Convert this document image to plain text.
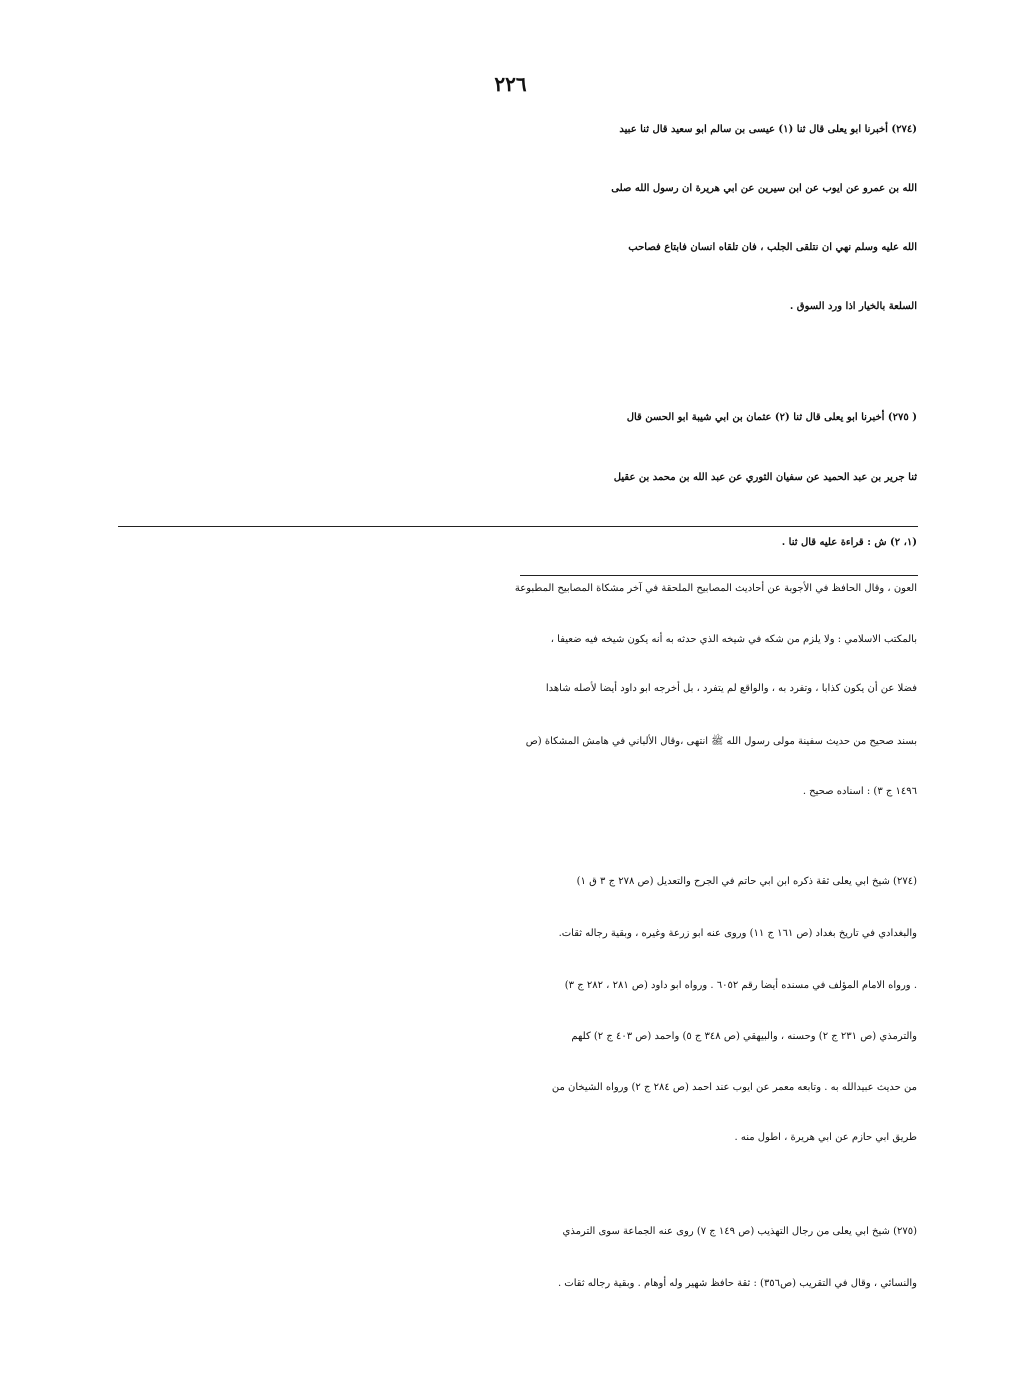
٢٢٦
(٢٧٤) أخبرنا ابو يعلى قال ثنا (١) عيسى بن سالم ابو سعيد قال ثنا عبيد
الله بن عمرو عن ايوب عن ابن سيرين عن ابي هريرة ان رسول الله صلى
الله عليه وسلم نهي ان نتلقى الجلب ، فان تلقاه انسان فابتاع فصاحب
السلعة بالخيار اذا ورد السوق .
( ٢٧٥) أخبرنا ابو يعلى قال ثنا (٢) عثمان بن ابي شيبة ابو الحسن قال
ثنا جرير بن عبد الحميد عن سفيان الثوري عن عبد الله بن محمد بن عقيل
(١، ٢) ش : قراءة عليه قال ثنا .
العون ، وقال الحافظ في الأجوبة عن أحاديث المصابيح الملحقة في آخر مشكاة المصابيح المطبوعة
بالمكتب الاسلامي : ولا يلزم من شكه في شيخه الذي حدثه به أنه يكون شيخه فيه ضعيفا ،
فضلا عن أن يكون كذابا ، وتفرد به ، والواقع لم يتفرد ، بل أخرجه ابو داود أيضا لأصله شاهدا
بسند صحيح من حديث سفينة مولى رسول الله ﷺ انتهى ،وقال الألباني في هامش المشكاة (ص
١٤٩٦ ج ٣) : اسناده صحيح .
(٢٧٤) شيخ ابي يعلى ثقة ذكره ابن ابي حاتم في الجرح والتعديل (ص ٢٧٨ ج ٣ ق ١)
والبغدادي في تاريخ بغداد (ص ١٦١ ج ١١) وروى عنه ابو زرعة وغيره ، وبقية رجاله ثقات.
. ورواه الامام المؤلف في مسنده أيضا رقم ٦٠٥٢ . ورواه ابو داود (ص ٢٨١ ، ٢٨٢ ج ٣)
والترمذي (ص ٢٣١ ج ٢) وحسنه ، والبيهقي (ص ٣٤٨ ج ٥) واحمد (ص ٤٠٣ ج ٢) كلهم
من حديث عبيدالله به . وتابعه معمر عن ايوب عند احمد (ص ٢٨٤ ج ٢) ورواه الشيخان من
طريق ابي حازم عن ابي هريرة ، اطول منه .
(٢٧٥) شيخ ابي يعلى من رجال التهذيب (ص ١٤٩ ج ٧) روى عنه الجماعة سوى الترمذي
والنسائي ، وقال في التقريب (ص٣٥٦) : ثقة حافظ شهير وله أوهام . وبقية رجاله ثقات .
